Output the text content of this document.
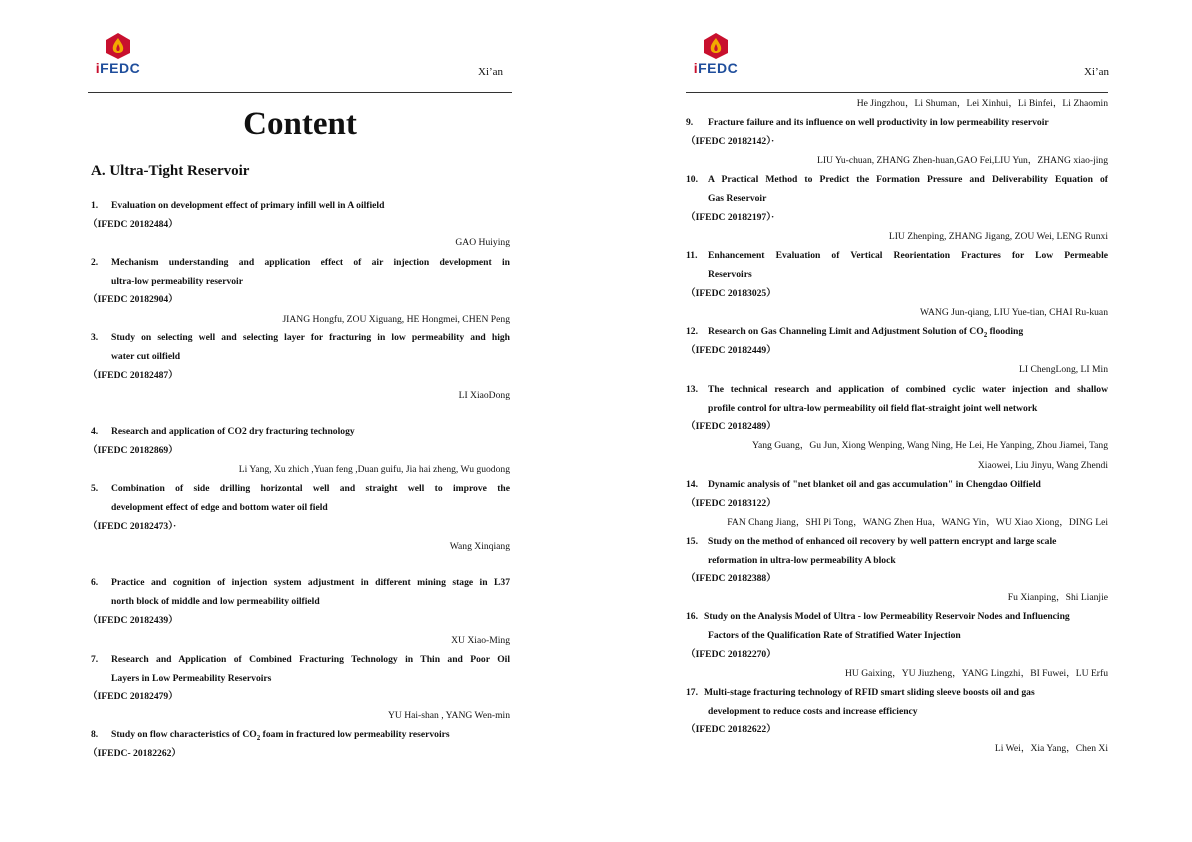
iFEDC	Xi’an
Content
A. Ultra-Tight Reservoir
1. Evaluation on development effect of primary infill well in A oilfield
（IFEDC 20182484）
GAO Huiying
2. Mechanism understanding and application effect of air injection development in
ultra-low permeability reservoir
（IFEDC 20182904）
JIANG Hongfu, ZOU Xiguang, HE Hongmei, CHEN Peng
3. Study on selecting well and selecting layer for fracturing in low permeability and high
water cut oilfield
（IFEDC 20182487）
LI XiaoDong
4. Research and application of CO2 dry fracturing technology
（IFEDC 20182869）
Li Yang, Xu zhich ,Yuan feng ,Duan guifu, Jia hai zheng, Wu guodong
5. Combination of side drilling horizontal well and straight well to improve the
development effect of edge and bottom water oil field
（IFEDC 20182473）·
Wang Xinqiang
6. Practice and cognition of injection system adjustment in different mining stage in L37
north block of middle and low permeability oilfield
（IFEDC 20182439）
XU Xiao-Ming
7. Research and Application of Combined Fracturing Technology in Thin and Poor Oil
Layers in Low Permeability Reservoirs
（IFEDC 20182479）
YU Hai-shan , YANG Wen-min
8. Study on flow characteristics of $CO_2$ foam in fractured low permeability reservoirs
（IFEDC- 20182262）
iFEDC	Xi’an
He Jingzhou，Li Shuman，Lei Xinhui，Li Binfei，Li Zhaomin
9. Fracture failure and its influence on well productivity in low permeability reservoir
（IFEDC 20182142）·
LIU Yu-chuan, ZHANG Zhen-huan,GAO Fei,LIU Yun，ZHANG xiao-jing
10. A Practical Method to Predict the Formation Pressure and Deliverability Equation of
Gas Reservoir
（IFEDC 20182197）·
LIU Zhenping, ZHANG Jigang, ZOU Wei, LENG Runxi
11. Enhancement Evaluation of Vertical Reorientation Fractures for Low Permeable
Reservoirs
（IFEDC 20183025）
WANG Jun-qiang, LIU Yue-tian, CHAI Ru-kuan
12. Research on Gas Channeling Limit and Adjustment Solution of $CO_2$ flooding
（IFEDC 20182449）
LI ChengLong, LI Min
13. The technical research and application of combined cyclic water injection and shallow
profile control for ultra-low permeability oil field flat-straight joint well network
（IFEDC 20182489）
Yang Guang，Gu Jun, Xiong Wenping, Wang Ning, He Lei, He Yanping, Zhou Jiamei, Tang
Xiaowei, Liu Jinyu, Wang Zhendi
14. Dynamic analysis of "net blanket oil and gas accumulation" in Chengdao Oilfield
（IFEDC 20183122）
FAN Chang Jiang，SHI Pi Tong，WANG Zhen Hua，WANG Yin，WU Xiao Xiong，DING Lei
15. Study on the method of enhanced oil recovery by well pattern encrypt and large scale
reformation in ultra-low permeability A block
（IFEDC 20182388）
Fu Xianping，Shi Lianjie
16. Study on the Analysis Model of Ultra - low Permeability Reservoir Nodes and Influencing
Factors of the Qualification Rate of Stratified Water Injection
（IFEDC 20182270）
HU Gaixing，YU Jiuzheng，YANG Lingzhi，BI Fuwei，LU Erfu
17. Multi-stage fracturing technology of RFID smart sliding sleeve boosts oil and gas
development to reduce costs and increase efficiency
（IFEDC 20182622）
Li Wei，Xia Yang，Chen Xi
